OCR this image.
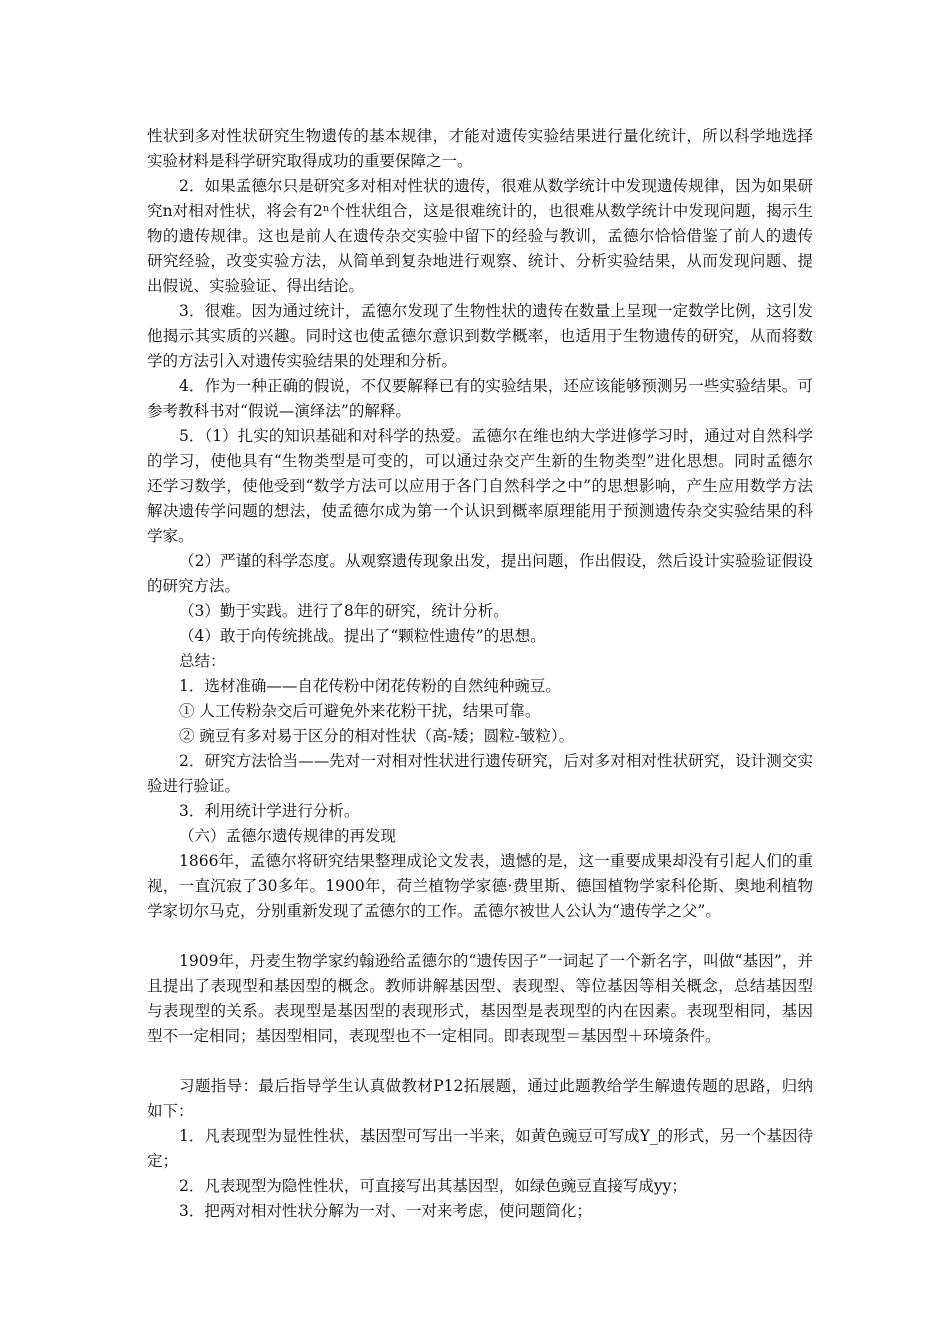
性状到多对性状研究生物遗传的基本规律，才能对遗传实验结果进行量化统计，所以科学地选择实验材料是科学研究取得成功的重要保障之一。

2．如果孟德尔只是研究多对相对性状的遗传，很难从数学统计中发现遗传规律，因为如果研究n对相对性状，将会有2ⁿ个性状组合，这是很难统计的，也很难从数学统计中发现问题，揭示生物的遗传规律。这也是前人在遗传杂交实验中留下的经验与教训，孟德尔恰恰借鉴了前人的遗传研究经验，改变实验方法，从简单到复杂地进行观察、统计、分析实验结果，从而发现问题、提出假说、实验验证、得出结论。

3．很难。因为通过统计，孟德尔发现了生物性状的遗传在数量上呈现一定数学比例，这引发他揭示其实质的兴趣。同时这也使孟德尔意识到数学概率，也适用于生物遗传的研究，从而将数学的方法引入对遗传实验结果的处理和分析。

4．作为一种正确的假说，不仅要解释已有的实验结果，还应该能够预测另一些实验结果。可参考教科书对“假说—演绎法”的解释。

5．（1）扎实的知识基础和对科学的热爱。孟德尔在维也纳大学进修学习时，通过对自然科学的学习，使他具有“生物类型是可变的，可以通过杂交产生新的生物类型”进化思想。同时孟德尔还学习数学，使他受到“数学方法可以应用于各门自然科学之中”的思想影响，产生应用数学方法解决遗传学问题的想法，使孟德尔成为第一个认识到概率原理能用于预测遗传杂交实验结果的科学家。

（2）严谨的科学态度。从观察遗传现象出发，提出问题，作出假设，然后设计实验验证假设的研究方法。

（3）勤于实践。进行了8年的研究，统计分析。

（4）敢于向传统挑战。提出了“颗粒性遗传”的思想。

总结：

1．选材准确——自花传粉中闭花传粉的自然纯种豌豆。

① 人工传粉杂交后可避免外来花粉干扰，结果可靠。

② 豌豆有多对易于区分的相对性状（高-矮；圆粒-皱粒）。

2．研究方法恰当——先对一对相对性状进行遗传研究，后对多对相对性状研究，设计测交实验进行验证。

3．利用统计学进行分析。

（六）孟德尔遗传规律的再发现

1866年，孟德尔将研究结果整理成论文发表，遗憾的是，这一重要成果却没有引起人们的重视，一直沉寂了30多年。1900年，荷兰植物学家德·费里斯、德国植物学家科伦斯、奥地利植物学家切尔马克，分别重新发现了孟德尔的工作。孟德尔被世人公认为“遗传学之父”。

1909年，丹麦生物学家约翰逊给孟德尔的“遗传因子”一词起了一个新名字，叫做“基因”，并且提出了表现型和基因型的概念。教师讲解基因型、表现型、等位基因等相关概念，总结基因型与表现型的关系。表现型是基因型的表现形式，基因型是表现型的内在因素。表现型相同，基因型不一定相同；基因型相同，表现型也不一定相同。即表现型＝基因型＋环境条件。

习题指导：最后指导学生认真做教材P12拓展题，通过此题教给学生解遗传题的思路，归纳如下：

1．凡表现型为显性性状，基因型可写出一半来，如黄色豌豆可写成Y_的形式，另一个基因待定；

2．凡表现型为隐性性状，可直接写出其基因型，如绿色豌豆直接写成yy；

3．把两对相对性状分解为一对、一对来考虑，使问题简化；
